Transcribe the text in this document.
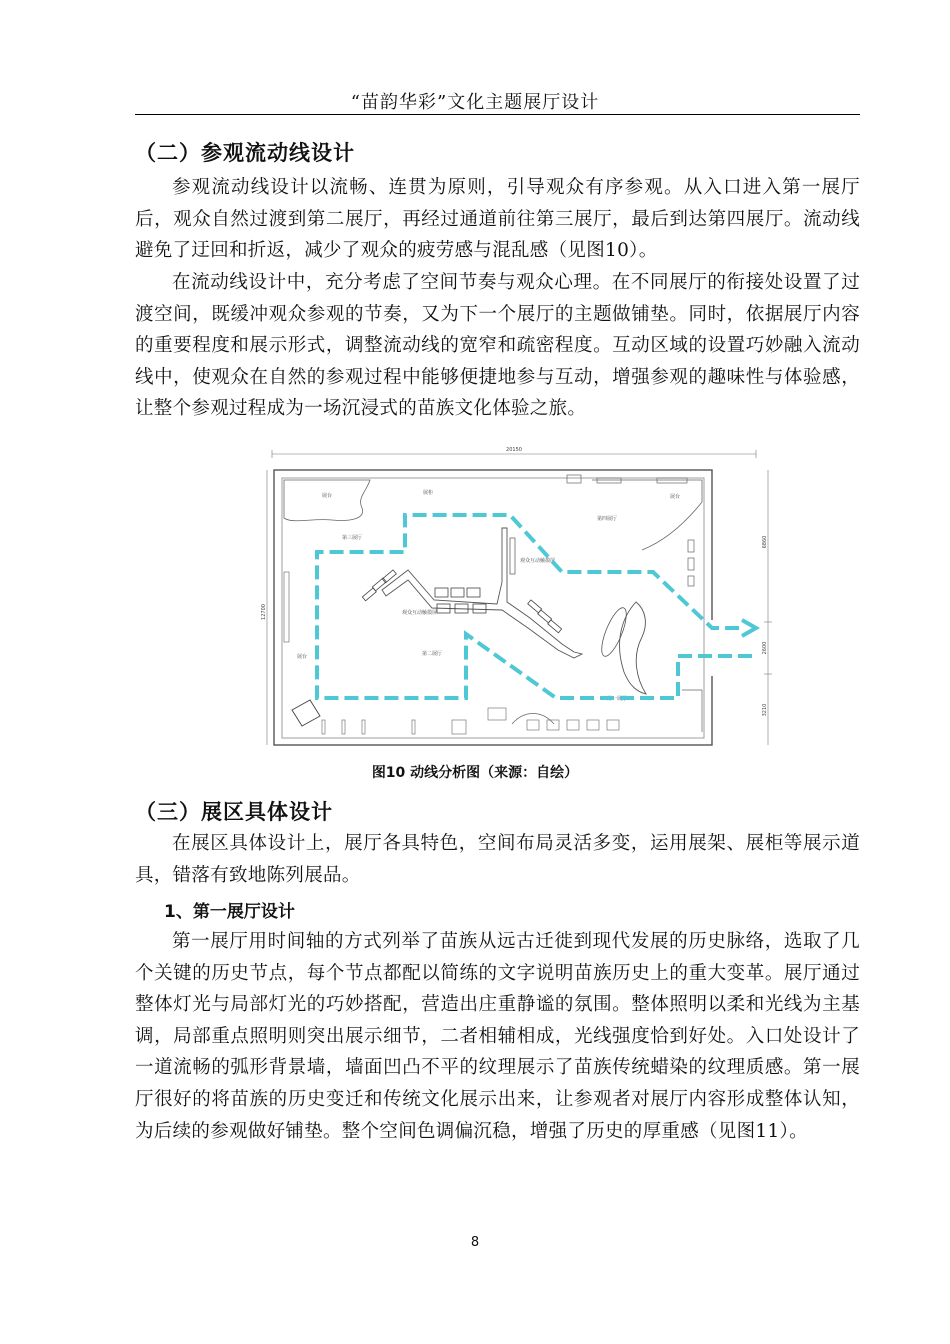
“苗韵华彩”文化主题展厅设计
（二）参观流动线设计

参观流动线设计以流畅、连贯为原则，引导观众有序参观。从入口进入第一展厅后，观众自然过渡到第二展厅，再经过通道前往第三展厅，最后到达第四展厅。流动线避免了迂回和折返，减少了观众的疲劳感与混乱感（见图10）。

在流动线设计中，充分考虑了空间节奏与观众心理。在不同展厅的衔接处设置了过渡空间，既缓冲观众参观的节奏，又为下一个展厅的主题做铺垫。同时，依据展厅内容的重要程度和展示形式，调整流动线的宽窄和疏密程度。互动区域的设置巧妙融入流动线中，使观众在自然的参观过程中能够便捷地参与互动，增强参观的趣味性与体验感，让整个参观过程成为一场沉浸式的苗族文化体验之旅。

20150
12700
6860
2600
3210
展台	展台
展柜
展台
第三展厅
第四展厅
观众互动触摸屏
观众互动触摸屏
第二展厅
第一展厅
图10 动线分析图（来源：自绘）
（三）展区具体设计

在展区具体设计上，展厅各具特色，空间布局灵活多变，运用展架、展柜等展示道具，错落有致地陈列展品。

1、第一展厅设计

第一展厅用时间轴的方式列举了苗族从远古迁徙到现代发展的历史脉络，选取了几个关键的历史节点，每个节点都配以简练的文字说明苗族历史上的重大变革。展厅通过整体灯光与局部灯光的巧妙搭配，营造出庄重静谧的氛围。整体照明以柔和光线为主基调，局部重点照明则突出展示细节，二者相辅相成，光线强度恰到好处。入口处设计了一道流畅的弧形背景墙，墙面凹凸不平的纹理展示了苗族传统蜡染的纹理质感。第一展厅很好的将苗族的历史变迁和传统文化展示出来，让参观者对展厅内容形成整体认知，为后续的参观做好铺垫。整个空间色调偏沉稳，增强了历史的厚重感（见图11）。

8
